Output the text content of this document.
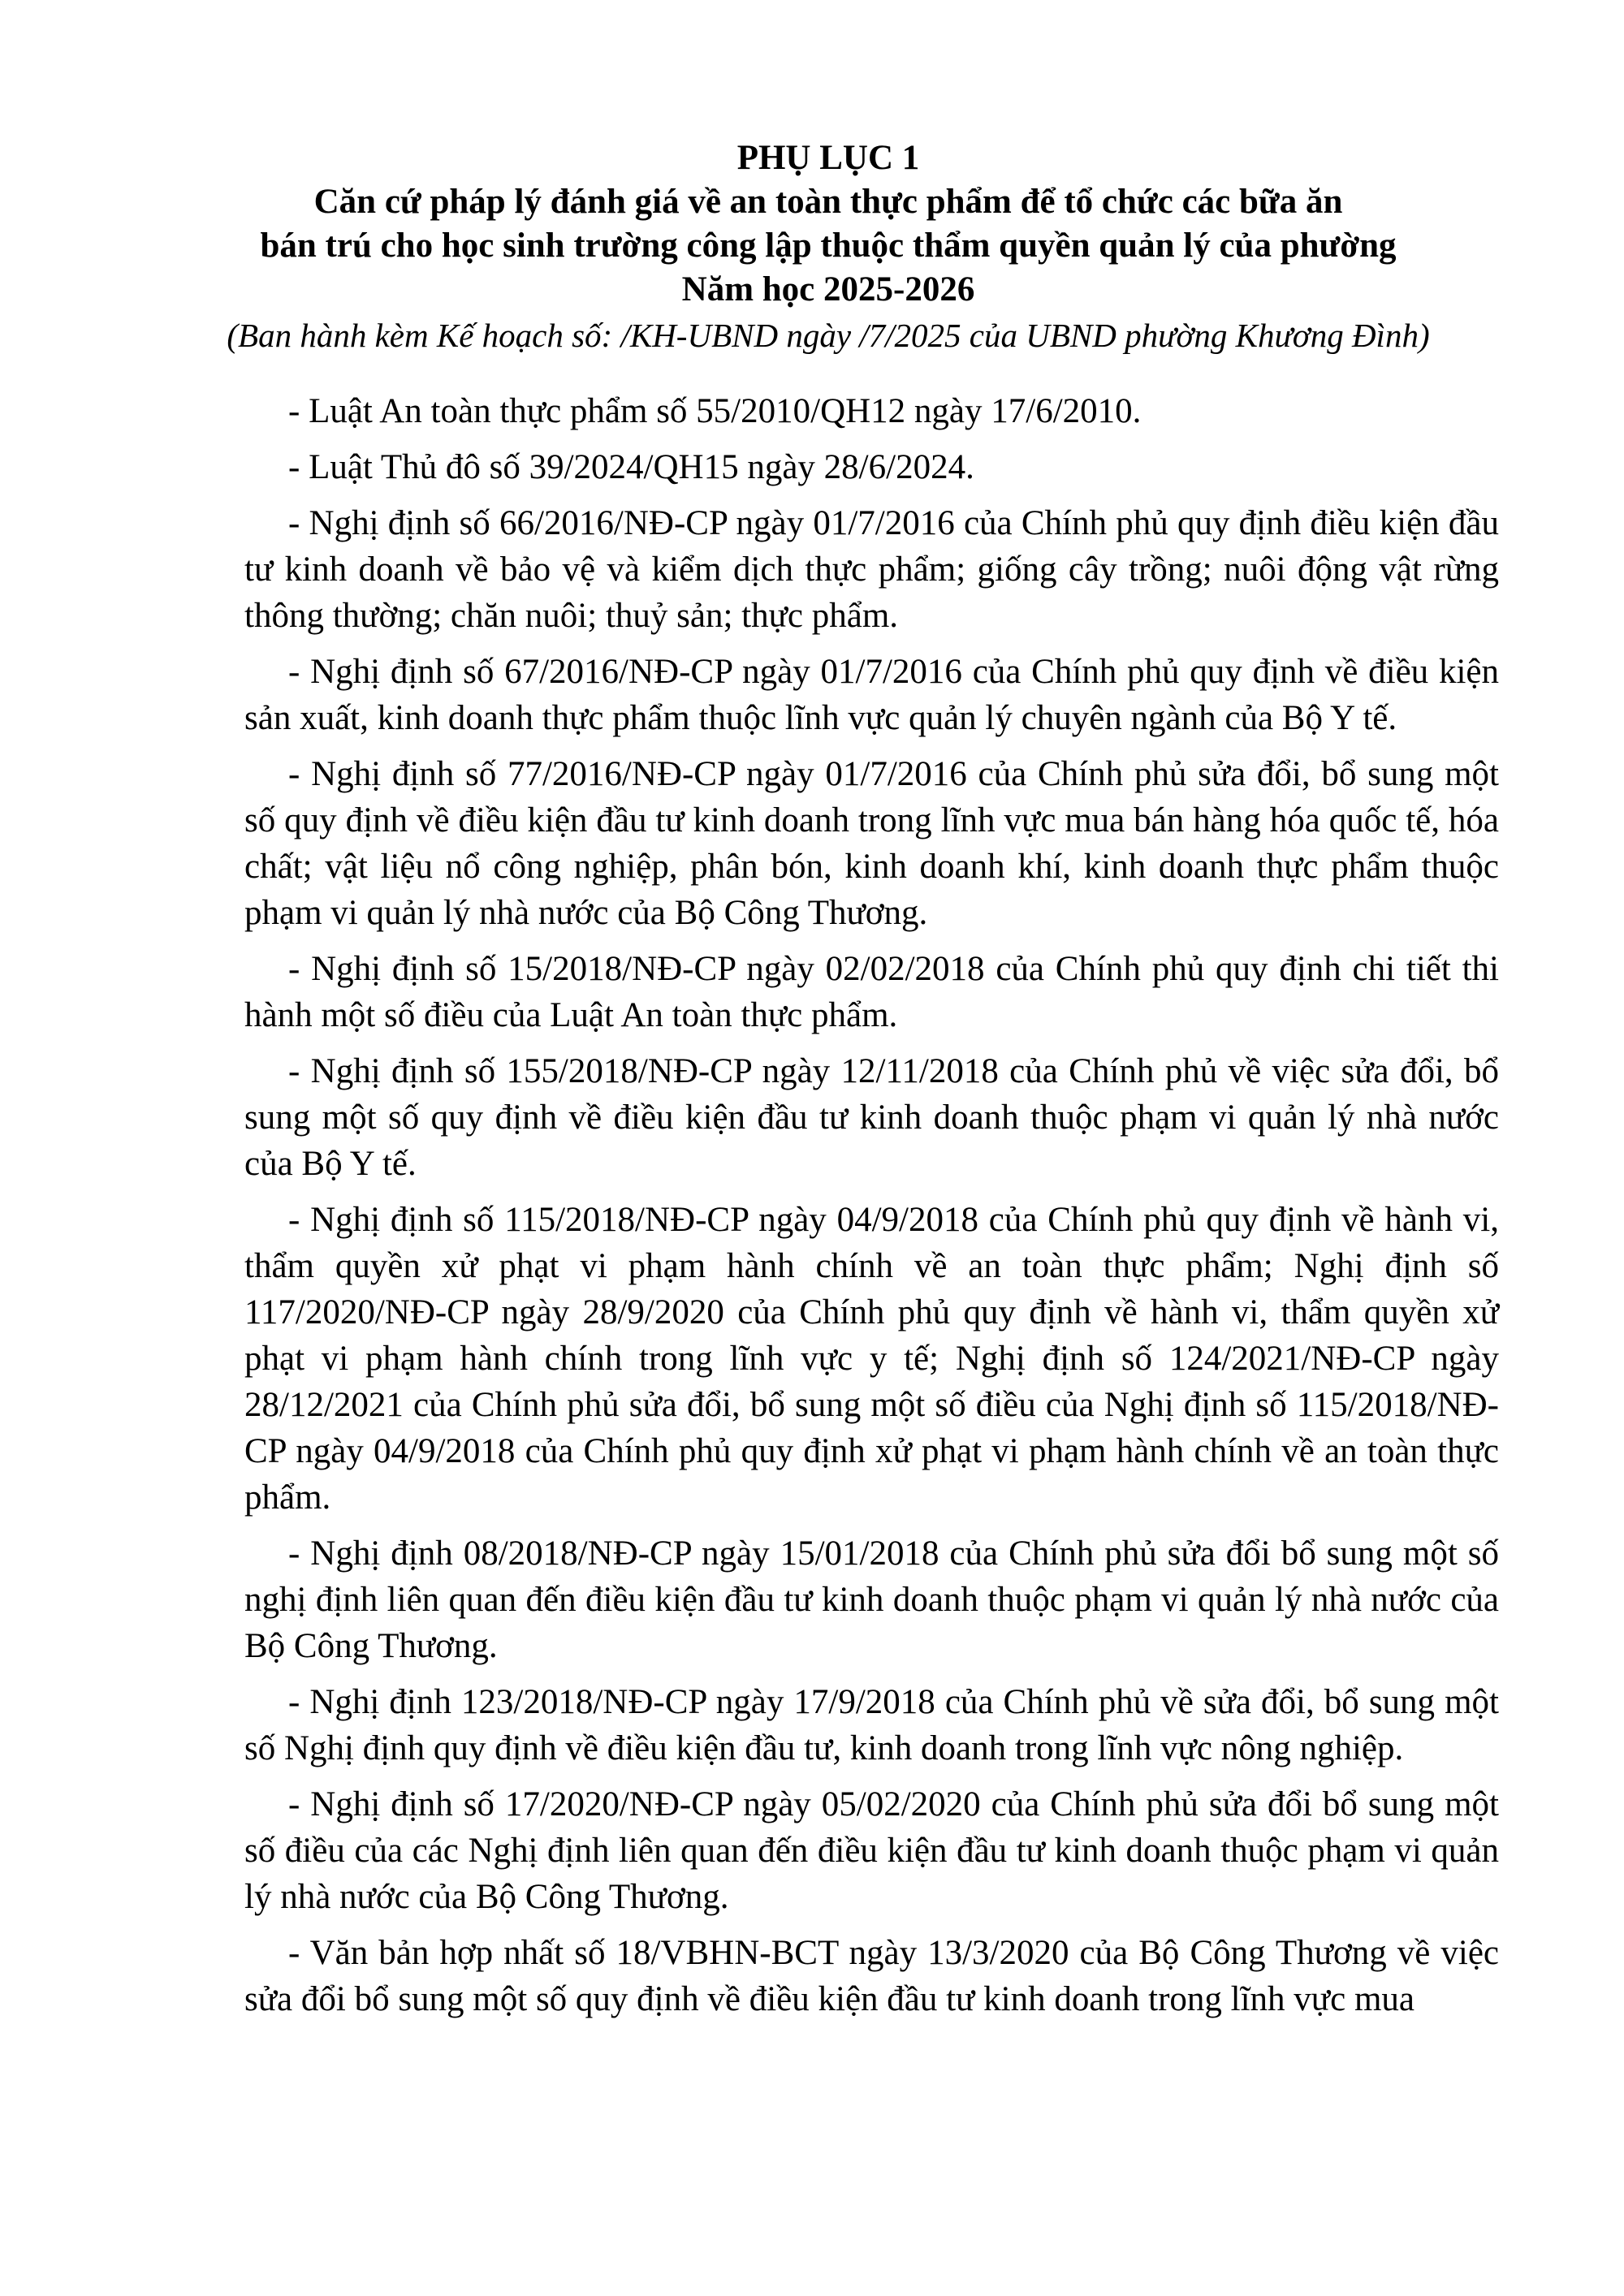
PHỤ LỤC 1
Căn cứ pháp lý đánh giá về an toàn thực phẩm để tổ chức các bữa ăn
bán trú cho học sinh trường công lập thuộc thẩm quyền quản lý của phường
Năm học 2025-2026
(Ban hành kèm Kế hoạch số: /KH-UBND ngày /7/2025 của UBND phường Khương Đình)

- Luật An toàn thực phẩm số 55/2010/QH12 ngày 17/6/2010.

- Luật Thủ đô số 39/2024/QH15 ngày 28/6/2024.

- Nghị định số 66/2016/NĐ-CP ngày 01/7/2016 của Chính phủ quy định điều kiện đầu tư kinh doanh về bảo vệ và kiểm dịch thực phẩm; giống cây trồng; nuôi động vật rừng thông thường; chăn nuôi; thuỷ sản; thực phẩm.

- Nghị định số 67/2016/NĐ-CP ngày 01/7/2016 của Chính phủ quy định về điều kiện sản xuất, kinh doanh thực phẩm thuộc lĩnh vực quản lý chuyên ngành của Bộ Y tế.

- Nghị định số 77/2016/NĐ-CP ngày 01/7/2016 của Chính phủ sửa đổi, bổ sung một số quy định về điều kiện đầu tư kinh doanh trong lĩnh vực mua bán hàng hóa quốc tế, hóa chất; vật liệu nổ công nghiệp, phân bón, kinh doanh khí, kinh doanh thực phẩm thuộc phạm vi quản lý nhà nước của Bộ Công Thương.

- Nghị định số 15/2018/NĐ-CP ngày 02/02/2018 của Chính phủ quy định chi tiết thi hành một số điều của Luật An toàn thực phẩm.

- Nghị định số 155/2018/NĐ-CP ngày 12/11/2018 của Chính phủ về việc sửa đổi, bổ sung một số quy định về điều kiện đầu tư kinh doanh thuộc phạm vi quản lý nhà nước của Bộ Y tế.

- Nghị định số 115/2018/NĐ-CP ngày 04/9/2018 của Chính phủ quy định về hành vi, thẩm quyền xử phạt vi phạm hành chính về an toàn thực phẩm; Nghị định số 117/2020/NĐ-CP ngày 28/9/2020 của Chính phủ quy định về hành vi, thẩm quyền xử phạt vi phạm hành chính trong lĩnh vực y tế; Nghị định số 124/2021/NĐ-CP ngày 28/12/2021 của Chính phủ sửa đổi, bổ sung một số điều của Nghị định số 115/2018/NĐ-CP ngày 04/9/2018 của Chính phủ quy định xử phạt vi phạm hành chính về an toàn thực phẩm.

- Nghị định 08/2018/NĐ-CP ngày 15/01/2018 của Chính phủ sửa đổi bổ sung một số nghị định liên quan đến điều kiện đầu tư kinh doanh thuộc phạm vi quản lý nhà nước của Bộ Công Thương.

- Nghị định 123/2018/NĐ-CP ngày 17/9/2018 của Chính phủ về sửa đổi, bổ sung một số Nghị định quy định về điều kiện đầu tư, kinh doanh trong lĩnh vực nông nghiệp.

- Nghị định số 17/2020/NĐ-CP ngày 05/02/2020 của Chính phủ sửa đổi bổ sung một số điều của các Nghị định liên quan đến điều kiện đầu tư kinh doanh thuộc phạm vi quản lý nhà nước của Bộ Công Thương.

- Văn bản hợp nhất số 18/VBHN-BCT ngày 13/3/2020 của Bộ Công Thương về việc sửa đổi bổ sung một số quy định về điều kiện đầu tư kinh doanh trong lĩnh vực mua
